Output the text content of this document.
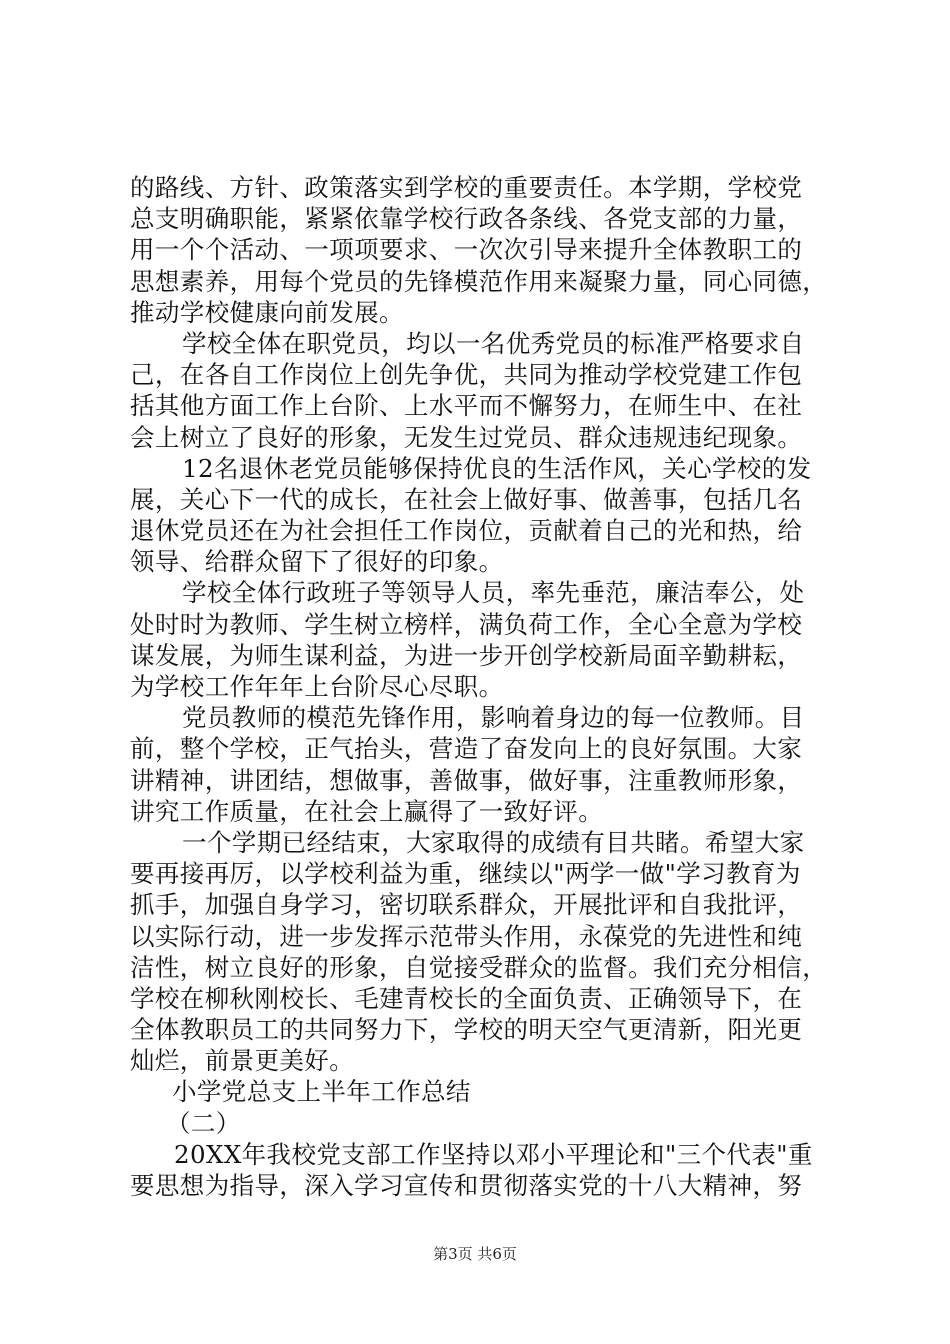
的路线、方针、政策落实到学校的重要责任。本学期，学校党
总支明确职能，紧紧依靠学校行政各条线、各党支部的力量，
用一个个活动、一项项要求、一次次引导来提升全体教职工的
思想素养，用每个党员的先锋模范作用来凝聚力量，同心同德，
推动学校健康向前发展。
学校全体在职党员，均以一名优秀党员的标准严格要求自
己，在各自工作岗位上创先争优，共同为推动学校党建工作包
括其他方面工作上台阶、上水平而不懈努力，在师生中、在社
会上树立了良好的形象，无发生过党员、群众违规违纪现象。
12名退休老党员能够保持优良的生活作风，关心学校的发
展，关心下一代的成长，在社会上做好事、做善事，包括几名
退休党员还在为社会担任工作岗位，贡献着自己的光和热，给
领导、给群众留下了很好的印象。
学校全体行政班子等领导人员，率先垂范，廉洁奉公，处
处时时为教师、学生树立榜样，满负荷工作，全心全意为学校
谋发展，为师生谋利益，为进一步开创学校新局面辛勤耕耘，
为学校工作年年上台阶尽心尽职。
党员教师的模范先锋作用，影响着身边的每一位教师。目
前，整个学校，正气抬头，营造了奋发向上的良好氛围。大家
讲精神，讲团结，想做事，善做事，做好事，注重教师形象，
讲究工作质量，在社会上赢得了一致好评。
一个学期已经结束，大家取得的成绩有目共睹。希望大家
要再接再厉，以学校利益为重，继续以"两学一做"学习教育为
抓手，加强自身学习，密切联系群众，开展批评和自我批评，
以实际行动，进一步发挥示范带头作用，永葆党的先进性和纯
洁性，树立良好的形象，自觉接受群众的监督。我们充分相信，
学校在柳秋刚校长、毛建青校长的全面负责、正确领导下，在
全体教职员工的共同努力下，学校的明天空气更清新，阳光更
灿烂，前景更美好。
小学党总支上半年工作总结
（二）
20XX年我校党支部工作坚持以邓小平理论和"三个代表"重
要思想为指导，深入学习宣传和贯彻落实党的十八大精神，努
第3页 共6页
